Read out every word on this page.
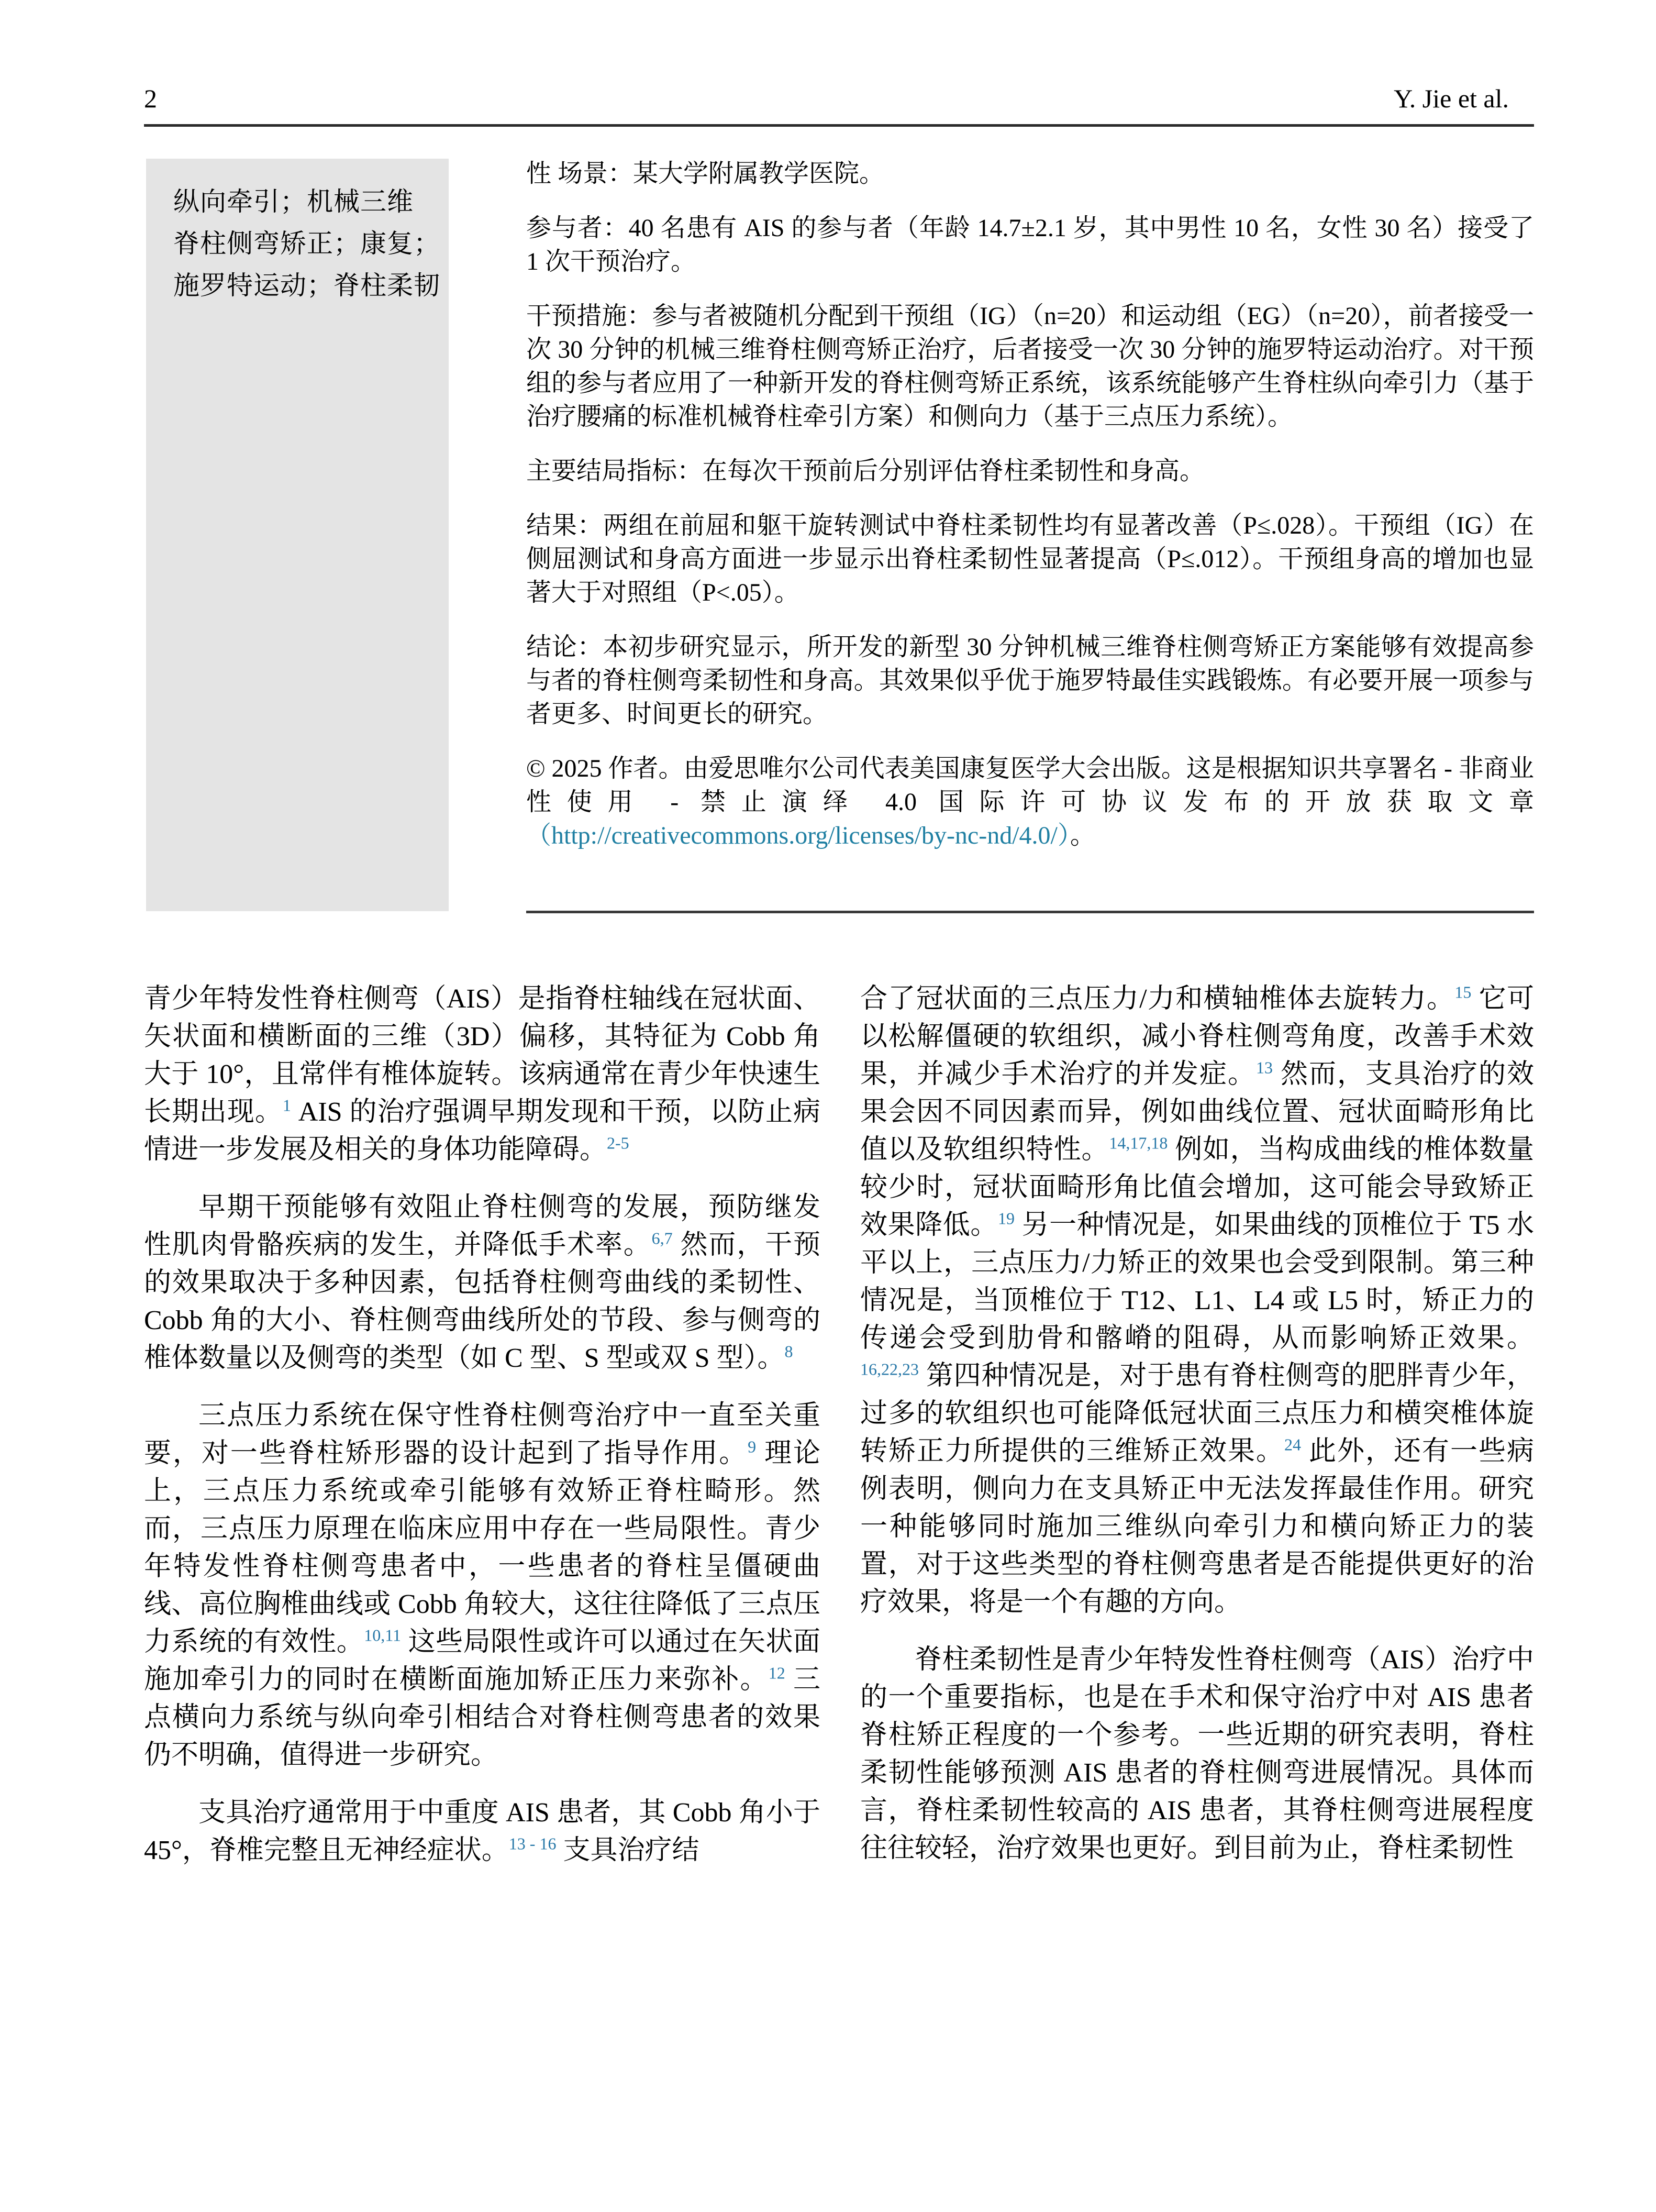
2	Y. Jie et al.
纵向牵引；机械三维
脊柱侧弯矫正；康复；
施罗特运动；脊柱柔韧

性 场景：某大学附属教学医院。

参与者：40 名患有 AIS 的参与者（年龄 14.7±2.1 岁，其中男性 10 名，女性 30 名）接受了 1 次干预治疗。

干预措施：参与者被随机分配到干预组（IG）（n=20）和运动组（EG）（n=20），前者接受一次 30 分钟的机械三维脊柱侧弯矫正治疗，后者接受一次 30 分钟的施罗特运动治疗。对干预组的参与者应用了一种新开发的脊柱侧弯矫正系统，该系统能够产生脊柱纵向牵引力（基于治疗腰痛的标准机械脊柱牵引方案）和侧向力（基于三点压力系统）。

主要结局指标：在每次干预前后分别评估脊柱柔韧性和身高。

结果：两组在前屈和躯干旋转测试中脊柱柔韧性均有显著改善（P≤.028）。干预组（IG）在侧屈测试和身高方面进一步显示出脊柱柔韧性显著提高（P≤.012）。干预组身高的增加也显著大于对照组（P<.05）。

结论：本初步研究显示，所开发的新型 30 分钟机械三维脊柱侧弯矫正方案能够有效提高参与者的脊柱侧弯柔韧性和身高。其效果似乎优于施罗特最佳实践锻炼。有必要开展一项参与者更多、时间更长的研究。

© 2025 作者。由爱思唯尔公司代表美国康复医学大会出版。这是根据知识共享署名 - 非商业性使用 - 禁止演绎 4.0 国际许可协议发布的开放获取文章（http://creativecommons.org/licenses/by-nc-nd/4.0/）。

青少年特发性脊柱侧弯（AIS）是指脊柱轴线在冠状面、矢状面和横断面的三维（3D）偏移，其特征为 Cobb 角大于 10°，且常伴有椎体旋转。该病通常在青少年快速生长期出现。$^1$ AIS 的治疗强调早期发现和干预，以防止病情进一步发展及相关的身体功能障碍。$^{2-5}$

早期干预能够有效阻止脊柱侧弯的发展，预防继发性肌肉骨骼疾病的发生，并降低手术率。$^{6,7}$ 然而，干预的效果取决于多种因素，包括脊柱侧弯曲线的柔韧性、Cobb 角的大小、脊柱侧弯曲线所处的节段、参与侧弯的椎体数量以及侧弯的类型（如 C 型、S 型或双 S 型）。$^8$

三点压力系统在保守性脊柱侧弯治疗中一直至关重要，对一些脊柱矫形器的设计起到了指导作用。$^9$ 理论上，三点压力系统或牵引能够有效矫正脊柱畸形。然而，三点压力原理在临床应用中存在一些局限性。青少年特发性脊柱侧弯患者中，一些患者的脊柱呈僵硬曲线、高位胸椎曲线或 Cobb 角较大，这往往降低了三点压力系统的有效性。$^{10,11}$ 这些局限性或许可以通过在矢状面施加牵引力的同时在横断面施加矫正压力来弥补。$^{12}$ 三点横向力系统与纵向牵引相结合对脊柱侧弯患者的效果仍不明确，值得进一步研究。

支具治疗通常用于中重度 AIS 患者，其 Cobb 角小于 45°，脊椎完整且无神经症状。$^{13 - 16}$ 支具治疗结

合了冠状面的三点压力/力和横轴椎体去旋转力。$^{15}$ 它可以松解僵硬的软组织，减小脊柱侧弯角度，改善手术效果，并减少手术治疗的并发症。$^{13}$ 然而，支具治疗的效果会因不同因素而异，例如曲线位置、冠状面畸形角比值以及软组织特性。$^{14,17,18}$ 例如，当构成曲线的椎体数量较少时，冠状面畸形角比值会增加，这可能会导致矫正效果降低。$^{19}$ 另一种情况是，如果曲线的顶椎位于 T5 水平以上，三点压力/力矫正的效果也会受到限制。第三种情况是，当顶椎位于 T12、L1、L4 或 L5 时，矫正力的传递会受到肋骨和髂嵴的阻碍，从而影响矫正效果。$^{16,22,23}$ 第四种情况是，对于患有脊柱侧弯的肥胖青少年，过多的软组织也可能降低冠状面三点压力和横突椎体旋转矫正力所提供的三维矫正效果。$^{24}$ 此外，还有一些病例表明，侧向力在支具矫正中无法发挥最佳作用。研究一种能够同时施加三维纵向牵引力和横向矫正力的装置，对于这些类型的脊柱侧弯患者是否能提供更好的治疗效果，将是一个有趣的方向。

脊柱柔韧性是青少年特发性脊柱侧弯（AIS）治疗中的一个重要指标，也是在手术和保守治疗中对 AIS 患者脊柱矫正程度的一个参考。一些近期的研究表明，脊柱柔韧性能够预测 AIS 患者的脊柱侧弯进展情况。具体而言，脊柱柔韧性较高的 AIS 患者，其脊柱侧弯进展程度往往较轻，治疗效果也更好。到目前为止，脊柱柔韧性
